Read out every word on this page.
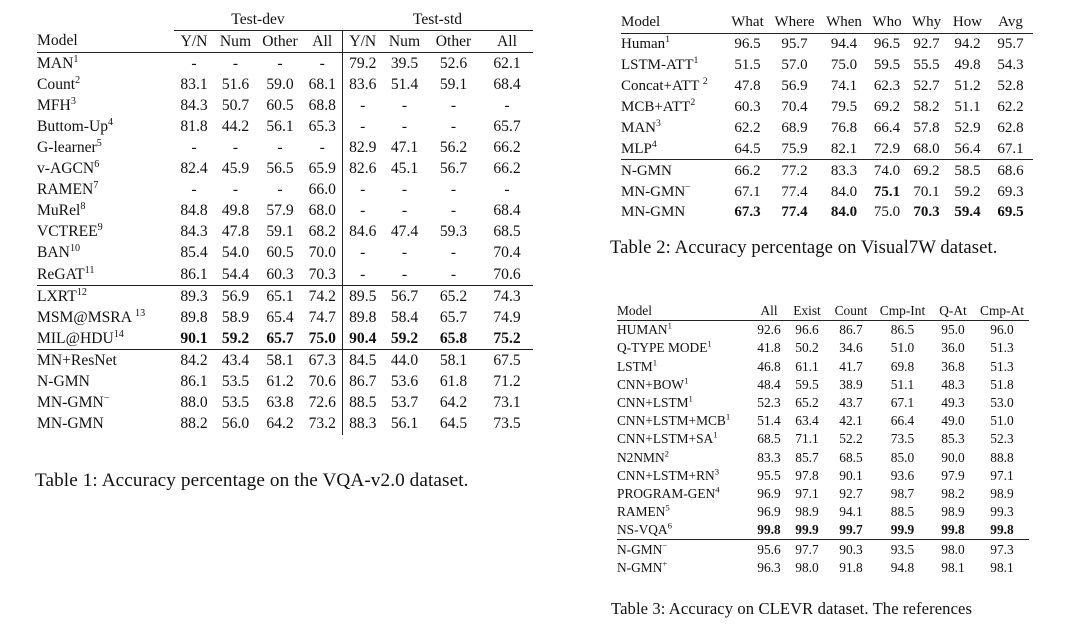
	Test-dev				Test-std			
Model	Y/N	Num	Other	All	Y/N	Num	Other	All
MAN$^1$	-	-	-	-	79.2	39.5	52.6	62.1
Count$^2$	83.1	51.6	59.0	68.1	83.6	51.4	59.1	68.4
MFH$^3$	84.3	50.7	60.5	68.8	-	-	-	-
Buttom-Up$^4$	81.8	44.2	56.1	65.3	-	-	-	65.7
G-learner$^5$	-	-	-	-	82.9	47.1	56.2	66.2
v-AGCN$^6$	82.4	45.9	56.5	65.9	82.6	45.1	56.7	66.2
RAMEN$^7$	-	-	-	66.0	-	-	-	-
MuRel$^8$	84.8	49.8	57.9	68.0	-	-	-	68.4
VCTREE$^9$	84.3	47.8	59.1	68.2	84.6	47.4	59.3	68.5
BAN$^{10}$	85.4	54.0	60.5	70.0	-	-	-	70.4
ReGAT$^{11}$	86.1	54.4	60.3	70.3	-	-	-	70.6
LXRT$^{12}$	89.3	56.9	65.1	74.2	89.5	56.7	65.2	74.3
MSM@MSRA $^{13}$	89.8	58.9	65.4	74.7	89.8	58.4	65.7	74.9
MIL@HDU$^{14}$	90.1	59.2	65.7	75.0	90.4	59.2	65.8	75.2
MN+ResNet	84.2	43.4	58.1	67.3	84.5	44.0	58.1	67.5
N-GMN	86.1	53.5	61.2	70.6	86.7	53.6	61.8	71.2
MN-GMN−	88.0	53.5	63.8	72.6	88.5	53.7	64.2	73.1
MN-GMN	88.2	56.0	64.2	73.2	88.3	56.1	64.5	73.5
Table 1: Accuracy percentage on the VQA-v2.0 dataset.
Model	What	Where	When	Who	Why	How	Avg
Human$^1$	96.5	95.7	94.4	96.5	92.7	94.2	95.7
LSTM-ATT$^1$	51.5	57.0	75.0	59.5	55.5	49.8	54.3
Concat+ATT $^2$	47.8	56.9	74.1	62.3	52.7	51.2	52.8
$MCB+ATT^2$	60.3	70.4	79.5	69.2	58.2	51.1	62.2
MAN$^3$	62.2	68.9	76.8	66.4	57.8	52.9	62.8
MLP$^4$	64.5	75.9	82.1	72.9	68.0	56.4	67.1
N-GMN	66.2	77.2	83.3	74.0	69.2	58.5	68.6
MN-GMN−	67.1	77.4	84.0	75.1	70.1	59.2	69.3
MN-GMN	67.3	77.4	84.0	75.0	70.3	59.4	69.5
Table 2: Accuracy percentage on Visual7W dataset.
Model	All	Exist	Count	Cmp-Int	Q-At	Cmp-At
HUMAN$^1$	92.6	96.6	86.7	86.5	95.0	96.0
Q-TYPE MODE$^1$	41.8	50.2	34.6	51.0	36.0	51.3
LSTM$^1$	46.8	61.1	41.7	69.8	36.8	51.3
$CNN+BOW^1$	48.4	59.5	38.9	51.1	48.3	51.8
$CNN+LSTM^1$	52.3	65.2	43.7	67.1	49.3	53.0
$CNN+LSTM+MCB^1$	51.4	63.4	42.1	66.4	49.0	51.0
$CNN+LSTM+SA^1$	68.5	71.1	52.2	73.5	85.3	52.3
N2NMN$^2$	83.3	85.7	68.5	85.0	90.0	88.8
$CNN+LSTM+RN^3$	95.5	97.8	90.1	93.6	97.9	97.1
PROGRAM-GEN$^4$	96.9	97.1	92.7	98.7	98.2	98.9
RAMEN$^5$	96.9	98.9	94.1	88.5	98.9	99.3
NS-VQA$^6$	99.8	99.9	99.7	99.9	99.8	99.8
N-GMN−	95.6	97.7	90.3	93.5	98.0	97.3
N-GMN+	96.3	98.0	91.8	94.8	98.1	98.1
Table 3: Accuracy on CLEVR dataset. The references
